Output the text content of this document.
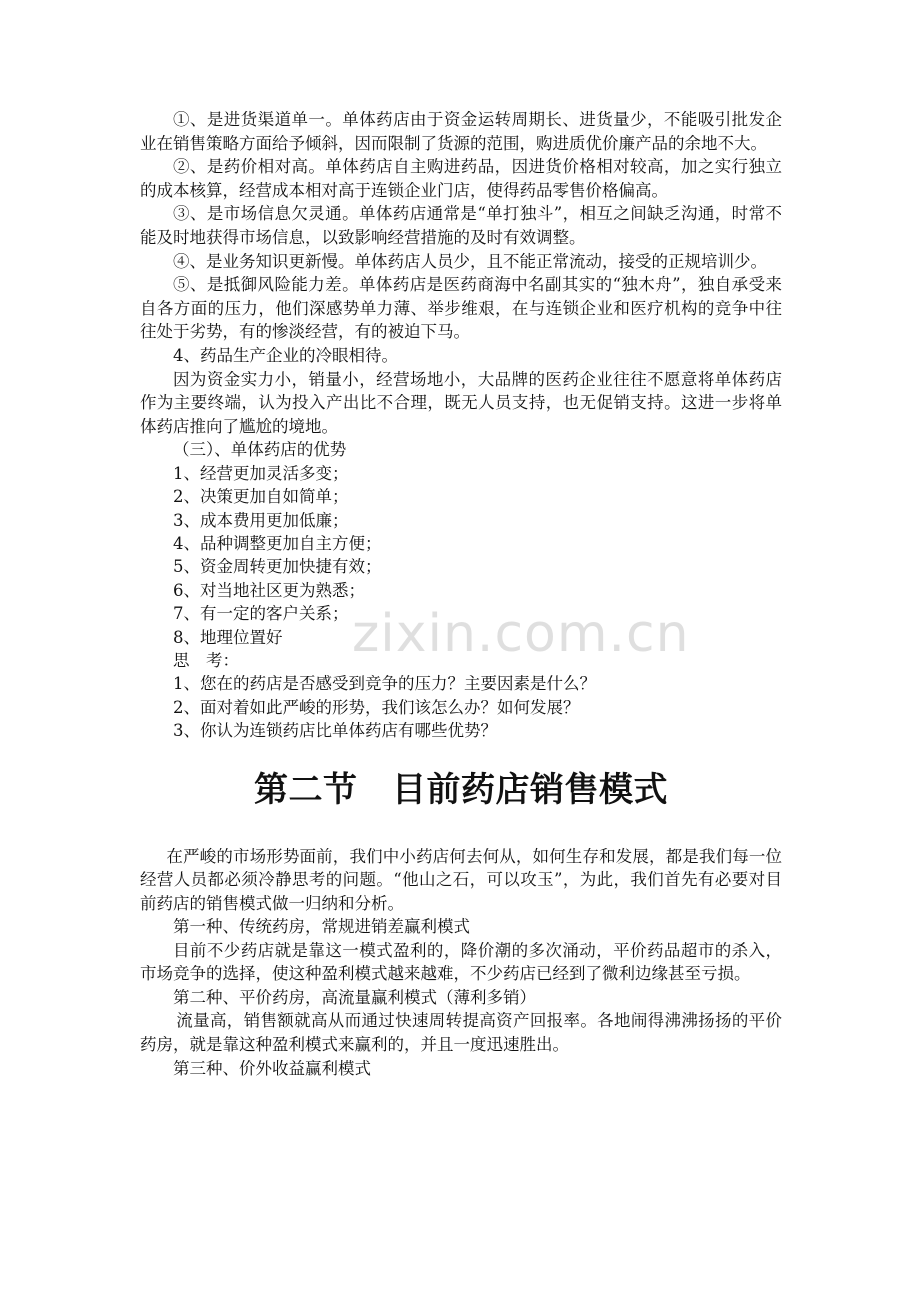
①、是进货渠道单一。单体药店由于资金运转周期长、进货量少，不能吸引批发企业在销售策略方面给予倾斜，因而限制了货源的范围，购进质优价廉产品的余地不大。

②、是药价相对高。单体药店自主购进药品，因进货价格相对较高，加之实行独立的成本核算，经营成本相对高于连锁企业门店，使得药品零售价格偏高。

③、是市场信息欠灵通。单体药店通常是“单打独斗”，相互之间缺乏沟通，时常不能及时地获得市场信息，以致影响经营措施的及时有效调整。

④、是业务知识更新慢。单体药店人员少，且不能正常流动，接受的正规培训少。

⑤、是抵御风险能力差。单体药店是医药商海中名副其实的“独木舟”，独自承受来自各方面的压力，他们深感势单力薄、举步维艰，在与连锁企业和医疗机构的竞争中往往处于劣势，有的惨淡经营，有的被迫下马。

4、药品生产企业的冷眼相待。

因为资金实力小，销量小，经营场地小，大品牌的医药企业往往不愿意将单体药店作为主要终端，认为投入产出比不合理，既无人员支持，也无促销支持。这进一步将单体药店推向了尴尬的境地。

（三）、单体药店的优势

1、经营更加灵活多变；

2、决策更加自如简单；

3、成本费用更加低廉；

4、品种调整更加自主方便；

5、资金周转更加快捷有效；

6、对当地社区更为熟悉；

7、有一定的客户关系；

8、地理位置好

思　考：

1、您在的药店是否感受到竞争的压力？主要因素是什么？

2、面对着如此严峻的形势，我们该怎么办？如何发展？

3、你认为连锁药店比单体药店有哪些优势？

第二节　目前药店销售模式

在严峻的市场形势面前，我们中小药店何去何从，如何生存和发展，都是我们每一位经营人员都必须冷静思考的问题。“他山之石，可以攻玉”，为此，我们首先有必要对目前药店的销售模式做一归纳和分析。

第一种、传统药房，常规进销差赢利模式

目前不少药店就是靠这一模式盈利的，降价潮的多次涌动，平价药品超市的杀入，市场竞争的选择，使这种盈利模式越来越难，不少药店已经到了微利边缘甚至亏损。

第二种、平价药房，高流量赢利模式（薄利多销）

流量高，销售额就高从而通过快速周转提高资产回报率。各地闹得沸沸扬扬的平价药房，就是靠这种盈利模式来赢利的，并且一度迅速胜出。

第三种、价外收益赢利模式

zixin.com.cn
